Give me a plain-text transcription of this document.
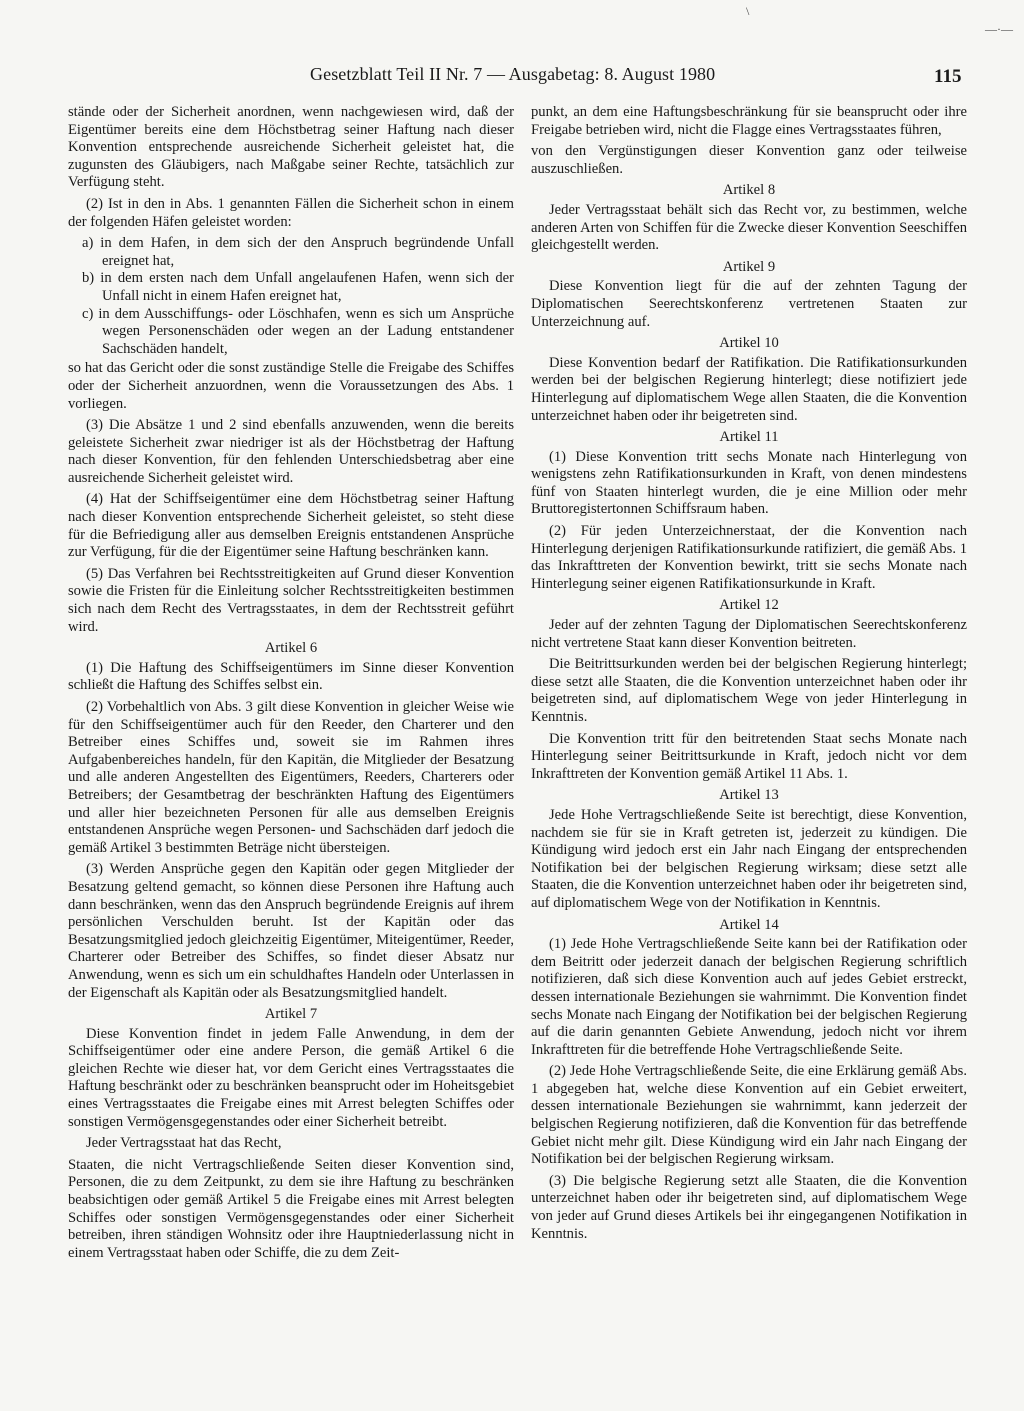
Gesetzblatt Teil II Nr. 7 — Ausgabetag: 8. August 1980	115
\
—·—

stände oder der Sicherheit anordnen, wenn nachgewiesen wird, daß der Eigentümer bereits eine dem Höchstbetrag seiner Haftung nach dieser Konvention entsprechende ausreichende Sicherheit geleistet hat, die zugunsten des Gläubigers, nach Maßgabe seiner Rechte, tatsächlich zur Verfügung steht.

(2) Ist in den in Abs. 1 genannten Fällen die Sicherheit schon in einem der folgenden Häfen geleistet worden:

a) in dem Hafen, in dem sich der den Anspruch begründende Unfall ereignet hat,
b) in dem ersten nach dem Unfall angelaufenen Hafen, wenn sich der Unfall nicht in einem Hafen ereignet hat,
c) in dem Ausschiffungs- oder Löschhafen, wenn es sich um Ansprüche wegen Personenschäden oder wegen an der Ladung entstandener Sachschäden handelt,

so hat das Gericht oder die sonst zuständige Stelle die Freigabe des Schiffes oder der Sicherheit anzuordnen, wenn die Voraussetzungen des Abs. 1 vorliegen.

(3) Die Absätze 1 und 2 sind ebenfalls anzuwenden, wenn die bereits geleistete Sicherheit zwar niedriger ist als der Höchstbetrag der Haftung nach dieser Konvention, für den fehlenden Unterschiedsbetrag aber eine ausreichende Sicherheit geleistet wird.

(4) Hat der Schiffseigentümer eine dem Höchstbetrag seiner Haftung nach dieser Konvention entsprechende Sicherheit geleistet, so steht diese für die Befriedigung aller aus demselben Ereignis entstandenen Ansprüche zur Verfügung, für die der Eigentümer seine Haftung beschränken kann.

(5) Das Verfahren bei Rechtsstreitigkeiten auf Grund dieser Konvention sowie die Fristen für die Einleitung solcher Rechtsstreitigkeiten bestimmen sich nach dem Recht des Vertragsstaates, in dem der Rechtsstreit geführt wird.

Artikel 6

(1) Die Haftung des Schiffseigentümers im Sinne dieser Konvention schließt die Haftung des Schiffes selbst ein.

(2) Vorbehaltlich von Abs. 3 gilt diese Konvention in gleicher Weise wie für den Schiffseigentümer auch für den Reeder, den Charterer und den Betreiber eines Schiffes und, soweit sie im Rahmen ihres Aufgabenbereiches handeln, für den Kapitän, die Mitglieder der Besatzung und alle anderen Angestellten des Eigentümers, Reeders, Charterers oder Betreibers; der Gesamtbetrag der beschränkten Haftung des Eigentümers und aller hier bezeichneten Personen für alle aus demselben Ereignis entstandenen Ansprüche wegen Personen- und Sachschäden darf jedoch die gemäß Artikel 3 bestimmten Beträge nicht übersteigen.

(3) Werden Ansprüche gegen den Kapitän oder gegen Mitglieder der Besatzung geltend gemacht, so können diese Personen ihre Haftung auch dann beschränken, wenn das den Anspruch begründende Ereignis auf ihrem persönlichen Verschulden beruht. Ist der Kapitän oder das Besatzungsmitglied jedoch gleichzeitig Eigentümer, Miteigentümer, Reeder, Charterer oder Betreiber des Schiffes, so findet dieser Absatz nur Anwendung, wenn es sich um ein schuldhaftes Handeln oder Unterlassen in der Eigenschaft als Kapitän oder als Besatzungsmitglied handelt.

Artikel 7

Diese Konvention findet in jedem Falle Anwendung, in dem der Schiffseigentümer oder eine andere Person, die gemäß Artikel 6 die gleichen Rechte wie dieser hat, vor dem Gericht eines Vertragsstaates die Haftung beschränkt oder zu beschränken beansprucht oder im Hoheitsgebiet eines Vertragsstaates die Freigabe eines mit Arrest belegten Schiffes oder sonstigen Vermögensgegenstandes oder einer Sicherheit betreibt.

Jeder Vertragsstaat hat das Recht,

Staaten, die nicht Vertragschließende Seiten dieser Konvention sind, Personen, die zu dem Zeitpunkt, zu dem sie ihre Haftung zu beschränken beabsichtigen oder gemäß Artikel 5 die Freigabe eines mit Arrest belegten Schiffes oder sonstigen Vermögensgegenstandes oder einer Sicherheit betreiben, ihren ständigen Wohnsitz oder ihre Hauptniederlassung nicht in einem Vertragsstaat haben oder Schiffe, die zu dem Zeit-

punkt, an dem eine Haftungsbeschränkung für sie beansprucht oder ihre Freigabe betrieben wird, nicht die Flagge eines Vertragsstaates führen,

von den Vergünstigungen dieser Konvention ganz oder teilweise auszuschließen.

Artikel 8

Jeder Vertragsstaat behält sich das Recht vor, zu bestimmen, welche anderen Arten von Schiffen für die Zwecke dieser Konvention Seeschiffen gleichgestellt werden.

Artikel 9

Diese Konvention liegt für die auf der zehnten Tagung der Diplomatischen Seerechtskonferenz vertretenen Staaten zur Unterzeichnung auf.

Artikel 10

Diese Konvention bedarf der Ratifikation. Die Ratifikationsurkunden werden bei der belgischen Regierung hinterlegt; diese notifiziert jede Hinterlegung auf diplomatischem Wege allen Staaten, die die Konvention unterzeichnet haben oder ihr beigetreten sind.

Artikel 11

(1) Diese Konvention tritt sechs Monate nach Hinterlegung von wenigstens zehn Ratifikationsurkunden in Kraft, von denen mindestens fünf von Staaten hinterlegt wurden, die je eine Million oder mehr Bruttoregistertonnen Schiffsraum haben.

(2) Für jeden Unterzeichnerstaat, der die Konvention nach Hinterlegung derjenigen Ratifikationsurkunde ratifiziert, die gemäß Abs. 1 das Inkrafttreten der Konvention bewirkt, tritt sie sechs Monate nach Hinterlegung seiner eigenen Ratifikationsurkunde in Kraft.

Artikel 12

Jeder auf der zehnten Tagung der Diplomatischen Seerechtskonferenz nicht vertretene Staat kann dieser Konvention beitreten.

Die Beitrittsurkunden werden bei der belgischen Regierung hinterlegt; diese setzt alle Staaten, die die Konvention unterzeichnet haben oder ihr beigetreten sind, auf diplomatischem Wege von jeder Hinterlegung in Kenntnis.

Die Konvention tritt für den beitretenden Staat sechs Monate nach Hinterlegung seiner Beitrittsurkunde in Kraft, jedoch nicht vor dem Inkrafttreten der Konvention gemäß Artikel 11 Abs. 1.

Artikel 13

Jede Hohe Vertragschließende Seite ist berechtigt, diese Konvention, nachdem sie für sie in Kraft getreten ist, jederzeit zu kündigen. Die Kündigung wird jedoch erst ein Jahr nach Eingang der entsprechenden Notifikation bei der belgischen Regierung wirksam; diese setzt alle Staaten, die die Konvention unterzeichnet haben oder ihr beigetreten sind, auf diplomatischem Wege von der Notifikation in Kenntnis.

Artikel 14

(1) Jede Hohe Vertragschließende Seite kann bei der Ratifikation oder dem Beitritt oder jederzeit danach der belgischen Regierung schriftlich notifizieren, daß sich diese Konvention auch auf jedes Gebiet erstreckt, dessen internationale Beziehungen sie wahrnimmt. Die Konvention findet sechs Monate nach Eingang der Notifikation bei der belgischen Regierung auf die darin genannten Gebiete Anwendung, jedoch nicht vor ihrem Inkrafttreten für die betreffende Hohe Vertragschließende Seite.

(2) Jede Hohe Vertragschließende Seite, die eine Erklärung gemäß Abs. 1 abgegeben hat, welche diese Konvention auf ein Gebiet erweitert, dessen internationale Beziehungen sie wahrnimmt, kann jederzeit der belgischen Regierung notifizieren, daß die Konvention für das betreffende Gebiet nicht mehr gilt. Diese Kündigung wird ein Jahr nach Eingang der Notifikation bei der belgischen Regierung wirksam.

(3) Die belgische Regierung setzt alle Staaten, die die Konvention unterzeichnet haben oder ihr beigetreten sind, auf diplomatischem Wege von jeder auf Grund dieses Artikels bei ihr eingegangenen Notifikation in Kenntnis.
